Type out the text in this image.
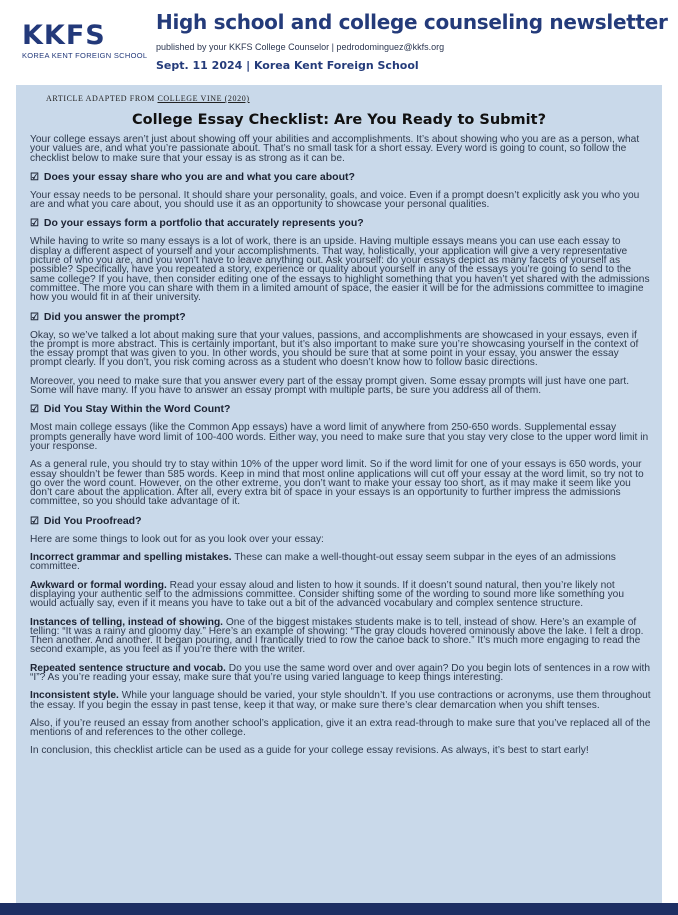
KKFS
KOREA KENT FOREIGN SCHOOL
High school and college counseling newsletter
published by your KKFS College Counselor | pedrodominguez@kkfs.org
Sept. 11 2024 | Korea Kent Foreign School
ARTICLE ADAPTED FROM COLLEGE VINE (2020)
College Essay Checklist: Are You Ready to Submit?

Your college essays aren’t just about showing off your abilities and accomplishments. It’s about showing who you are as a person, what your values are, and what you’re passionate about. That’s no small task for a short essay. Every word is going to count, so follow the checklist below to make sure that your essay is as strong as it can be.

☑ Does your essay share who you are and what you care about?

Your essay needs to be personal. It should share your personality, goals, and voice. Even if a prompt doesn’t explicitly ask you who you are and what you care about, you should use it as an opportunity to showcase your personal qualities.

☑ Do your essays form a portfolio that accurately represents you?

While having to write so many essays is a lot of work, there is an upside. Having multiple essays means you can use each essay to display a different aspect of yourself and your accomplishments. That way, holistically, your application will give a very representative picture of who you are, and you won’t have to leave anything out. Ask yourself: do your essays depict as many facets of yourself as possible? Specifically, have you repeated a story, experience or quality about yourself in any of the essays you’re going to send to the same college? If you have, then consider editing one of the essays to highlight something that you haven’t yet shared with the admissions committee. The more you can share with them in a limited amount of space, the easier it will be for the admissions committee to imagine how you would fit in at their university.

☑ Did you answer the prompt?

Okay, so we’ve talked a lot about making sure that your values, passions, and accomplishments are showcased in your essays, even if the prompt is more abstract. This is certainly important, but it’s also important to make sure you’re showcasing yourself in the context of the essay prompt that was given to you. In other words, you should be sure that at some point in your essay, you answer the essay prompt clearly. If you don’t, you risk coming across as a student who doesn’t know how to follow basic directions.

Moreover, you need to make sure that you answer every part of the essay prompt given. Some essay prompts will just have one part. Some will have many. If you have to answer an essay prompt with multiple parts, be sure you address all of them.

☑ Did You Stay Within the Word Count?

Most main college essays (like the Common App essays) have a word limit of anywhere from 250-650 words. Supplemental essay prompts generally have word limit of 100-400 words. Either way, you need to make sure that you stay very close to the upper word limit in your response.

As a general rule, you should try to stay within 10% of the upper word limit. So if the word limit for one of your essays is 650 words, your essay shouldn’t be fewer than 585 words. Keep in mind that most online applications will cut off your essay at the word limit, so try not to go over the word count. However, on the other extreme, you don’t want to make your essay too short, as it may make it seem like you don’t care about the application. After all, every extra bit of space in your essays is an opportunity to further impress the admissions committee, so you should take advantage of it.

☑ Did You Proofread?

Here are some things to look out for as you look over your essay:

Incorrect grammar and spelling mistakes. These can make a well-thought-out essay seem subpar in the eyes of an admissions committee.

Awkward or formal wording. Read your essay aloud and listen to how it sounds. If it doesn’t sound natural, then you’re likely not displaying your authentic self to the admissions committee. Consider shifting some of the wording to sound more like something you would actually say, even if it means you have to take out a bit of the advanced vocabulary and complex sentence structure.

Instances of telling, instead of showing. One of the biggest mistakes students make is to tell, instead of show. Here’s an example of telling: “It was a rainy and gloomy day.” Here’s an example of showing: “The gray clouds hovered ominously above the lake. I felt a drop. Then another. And another. It began pouring, and I frantically tried to row the canoe back to shore.” It’s much more engaging to read the second example, as you feel as if you’re there with the writer.

Repeated sentence structure and vocab. Do you use the same word over and over again? Do you begin lots of sentences in a row with “I”? As you’re reading your essay, make sure that you’re using varied language to keep things interesting.

Inconsistent style. While your language should be varied, your style shouldn’t. If you use contractions or acronyms, use them throughout the essay. If you begin the essay in past tense, keep it that way, or make sure there’s clear demarcation when you shift tenses.

Also, if you’re reused an essay from another school’s application, give it an extra read-through to make sure that you’ve replaced all of the mentions of and references to the other college.

In conclusion, this checklist article can be used as a guide for your college essay revisions. As always, it’s best to start early!
